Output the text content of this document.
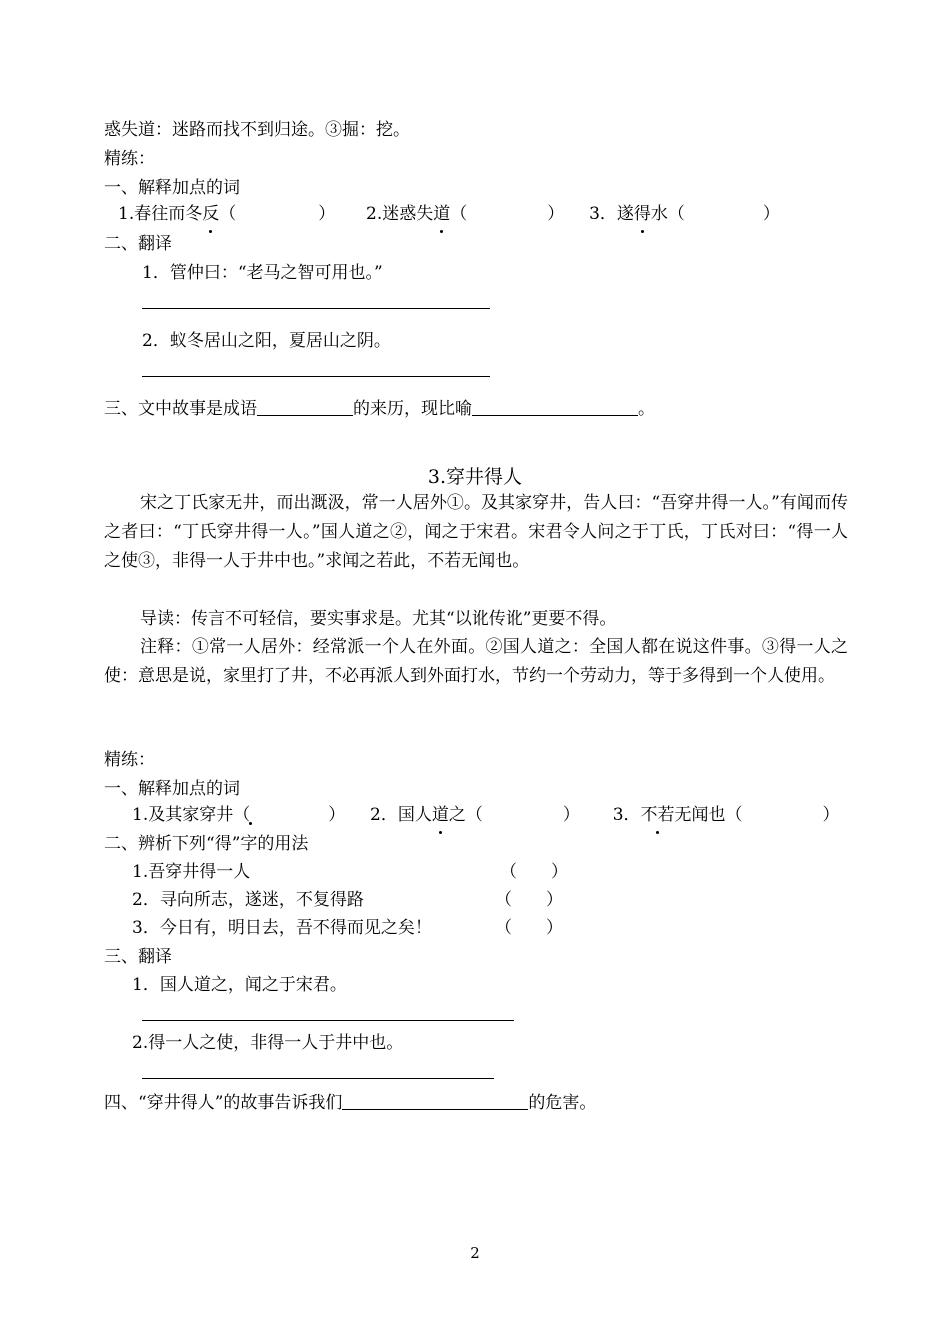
惑失道：迷路而找不到归途。③掘：挖。
精练：
一、解释加点的词
1.春往而冬反（	） 2.迷惑失道（	） 3．遂得水（	）
二、翻译
1．管仲曰：“老马之智可用也。”
2．蚁冬居山之阳，夏居山之阴。
三、文中故事是成语	的来历，现比喻	。
3.穿井得人
宋之丁氏家无井，而出溉汲，常一人居外①。及其家穿井，告人曰：“吾穿井得一人。”有闻而传之者曰：“丁氏穿井得一人。”国人道之②，闻之于宋君。宋君令人问之于丁氏，丁氏对曰：“得一人之使③，非得一人于井中也。”求闻之若此，不若无闻也。
导读：传言不可轻信，要实事求是。尤其“以讹传讹”更要不得。
注释：①常一人居外：经常派一个人在外面。②国人道之：全国人都在说这件事。③得一人之使：意思是说，家里打了井，不必再派人到外面打水，节约一个劳动力，等于多得到一个人使用。
精练：
一、解释加点的词
1.及其家穿井（	） 2．国人道之（	） 3．不若无闻也（	）
二、辨析下列“得”字的用法
1.吾穿井得一人	（　　）
2．寻向所志，遂迷，不复得路	（　　）
3．今日有，明日去，吾不得而见之矣！	（　　）
三、翻译
1．国人道之，闻之于宋君。
2.得一人之使，非得一人于井中也。
四、“穿井得人”的故事告诉我们	的危害。
2
